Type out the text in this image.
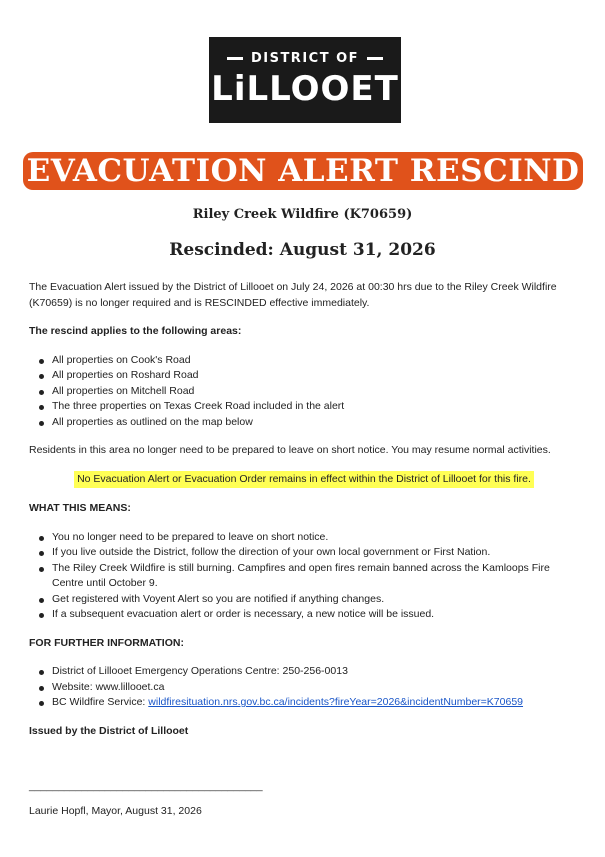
DISTRICT OF
LiLLOOET
EVACUATION ALERT RESCIND
Riley Creek Wildfire (K70659)
Rescinded: August 31, 2026

The Evacuation Alert issued by the District of Lillooet on July 24, 2026 at 00:30 hrs due to the Riley Creek Wildfire (K70659) is no longer required and is RESCINDED effective immediately.

The rescind applies to the following areas:

All properties on Cook's Road
All properties on Roshard Road
All properties on Mitchell Road
The three properties on Texas Creek Road included in the alert
All properties as outlined on the map below

Residents in this area no longer need to be prepared to leave on short notice. You may resume normal activities.

No Evacuation Alert or Evacuation Order remains in effect within the District of Lillooet for this fire.

WHAT THIS MEANS:

You no longer need to be prepared to leave on short notice.
If you live outside the District, follow the direction of your own local government or First Nation.
The Riley Creek Wildfire is still burning. Campfires and open fires remain banned across the Kamloops Fire Centre until October 9.
Get registered with Voyent Alert so you are notified if anything changes.
If a subsequent evacuation alert or order is necessary, a new notice will be issued.

FOR FURTHER INFORMATION:

District of Lillooet Emergency Operations Centre: 250-256-0013
Website: www.lillooet.ca
BC Wildfire Service: wildfiresituation.nrs.gov.bc.ca/incidents?fireYear=2026&incidentNumber=K70659

Issued by the District of Lillooet

________________________________________
Laurie Hopfl, Mayor, August 31, 2026
